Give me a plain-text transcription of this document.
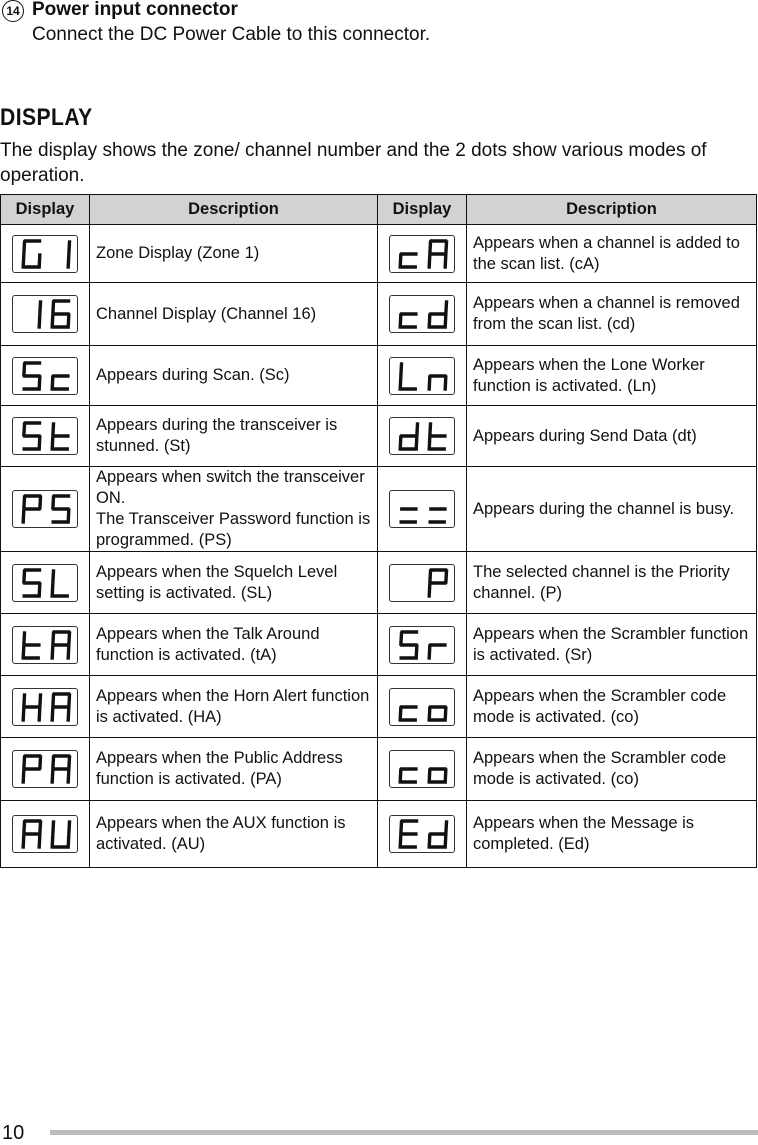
14 Power input connector
Connect the DC Power Cable to this connector.
DISPLAY
The display shows the zone/ channel number and the 2 dots show various modes of operation.
Display	Description	Display	Description

	Zone Display (Zone 1)		Appears when a channel is added to the scan list. (cA)

	Channel Display (Channel 16)		Appears when a channel is removed from the scan list. (cd)

	Appears during Scan. (Sc)		Appears when the Lone Worker function is activated. (Ln)

	Appears during the transceiver is stunned. (St)		Appears during Send Data (dt)

	Appears when switch the transceiver ON.
The Transceiver Password function is programmed. (PS)		Appears during the channel is busy.

	Appears when the Squelch Level setting is activated. (SL)		The selected channel is the Priority channel. (P)

	Appears when the Talk Around function is activated. (tA)		Appears when the Scrambler function is activated. (Sr)

	Appears when the Horn Alert function is activated. (HA)		Appears when the Scrambler code mode is activated. (co)

	Appears when the Public Address function is activated. (PA)		Appears when the Scrambler code mode is activated. (co)

	Appears when the AUX function is activated. (AU)		Appears when the Message is completed. (Ed)
10
